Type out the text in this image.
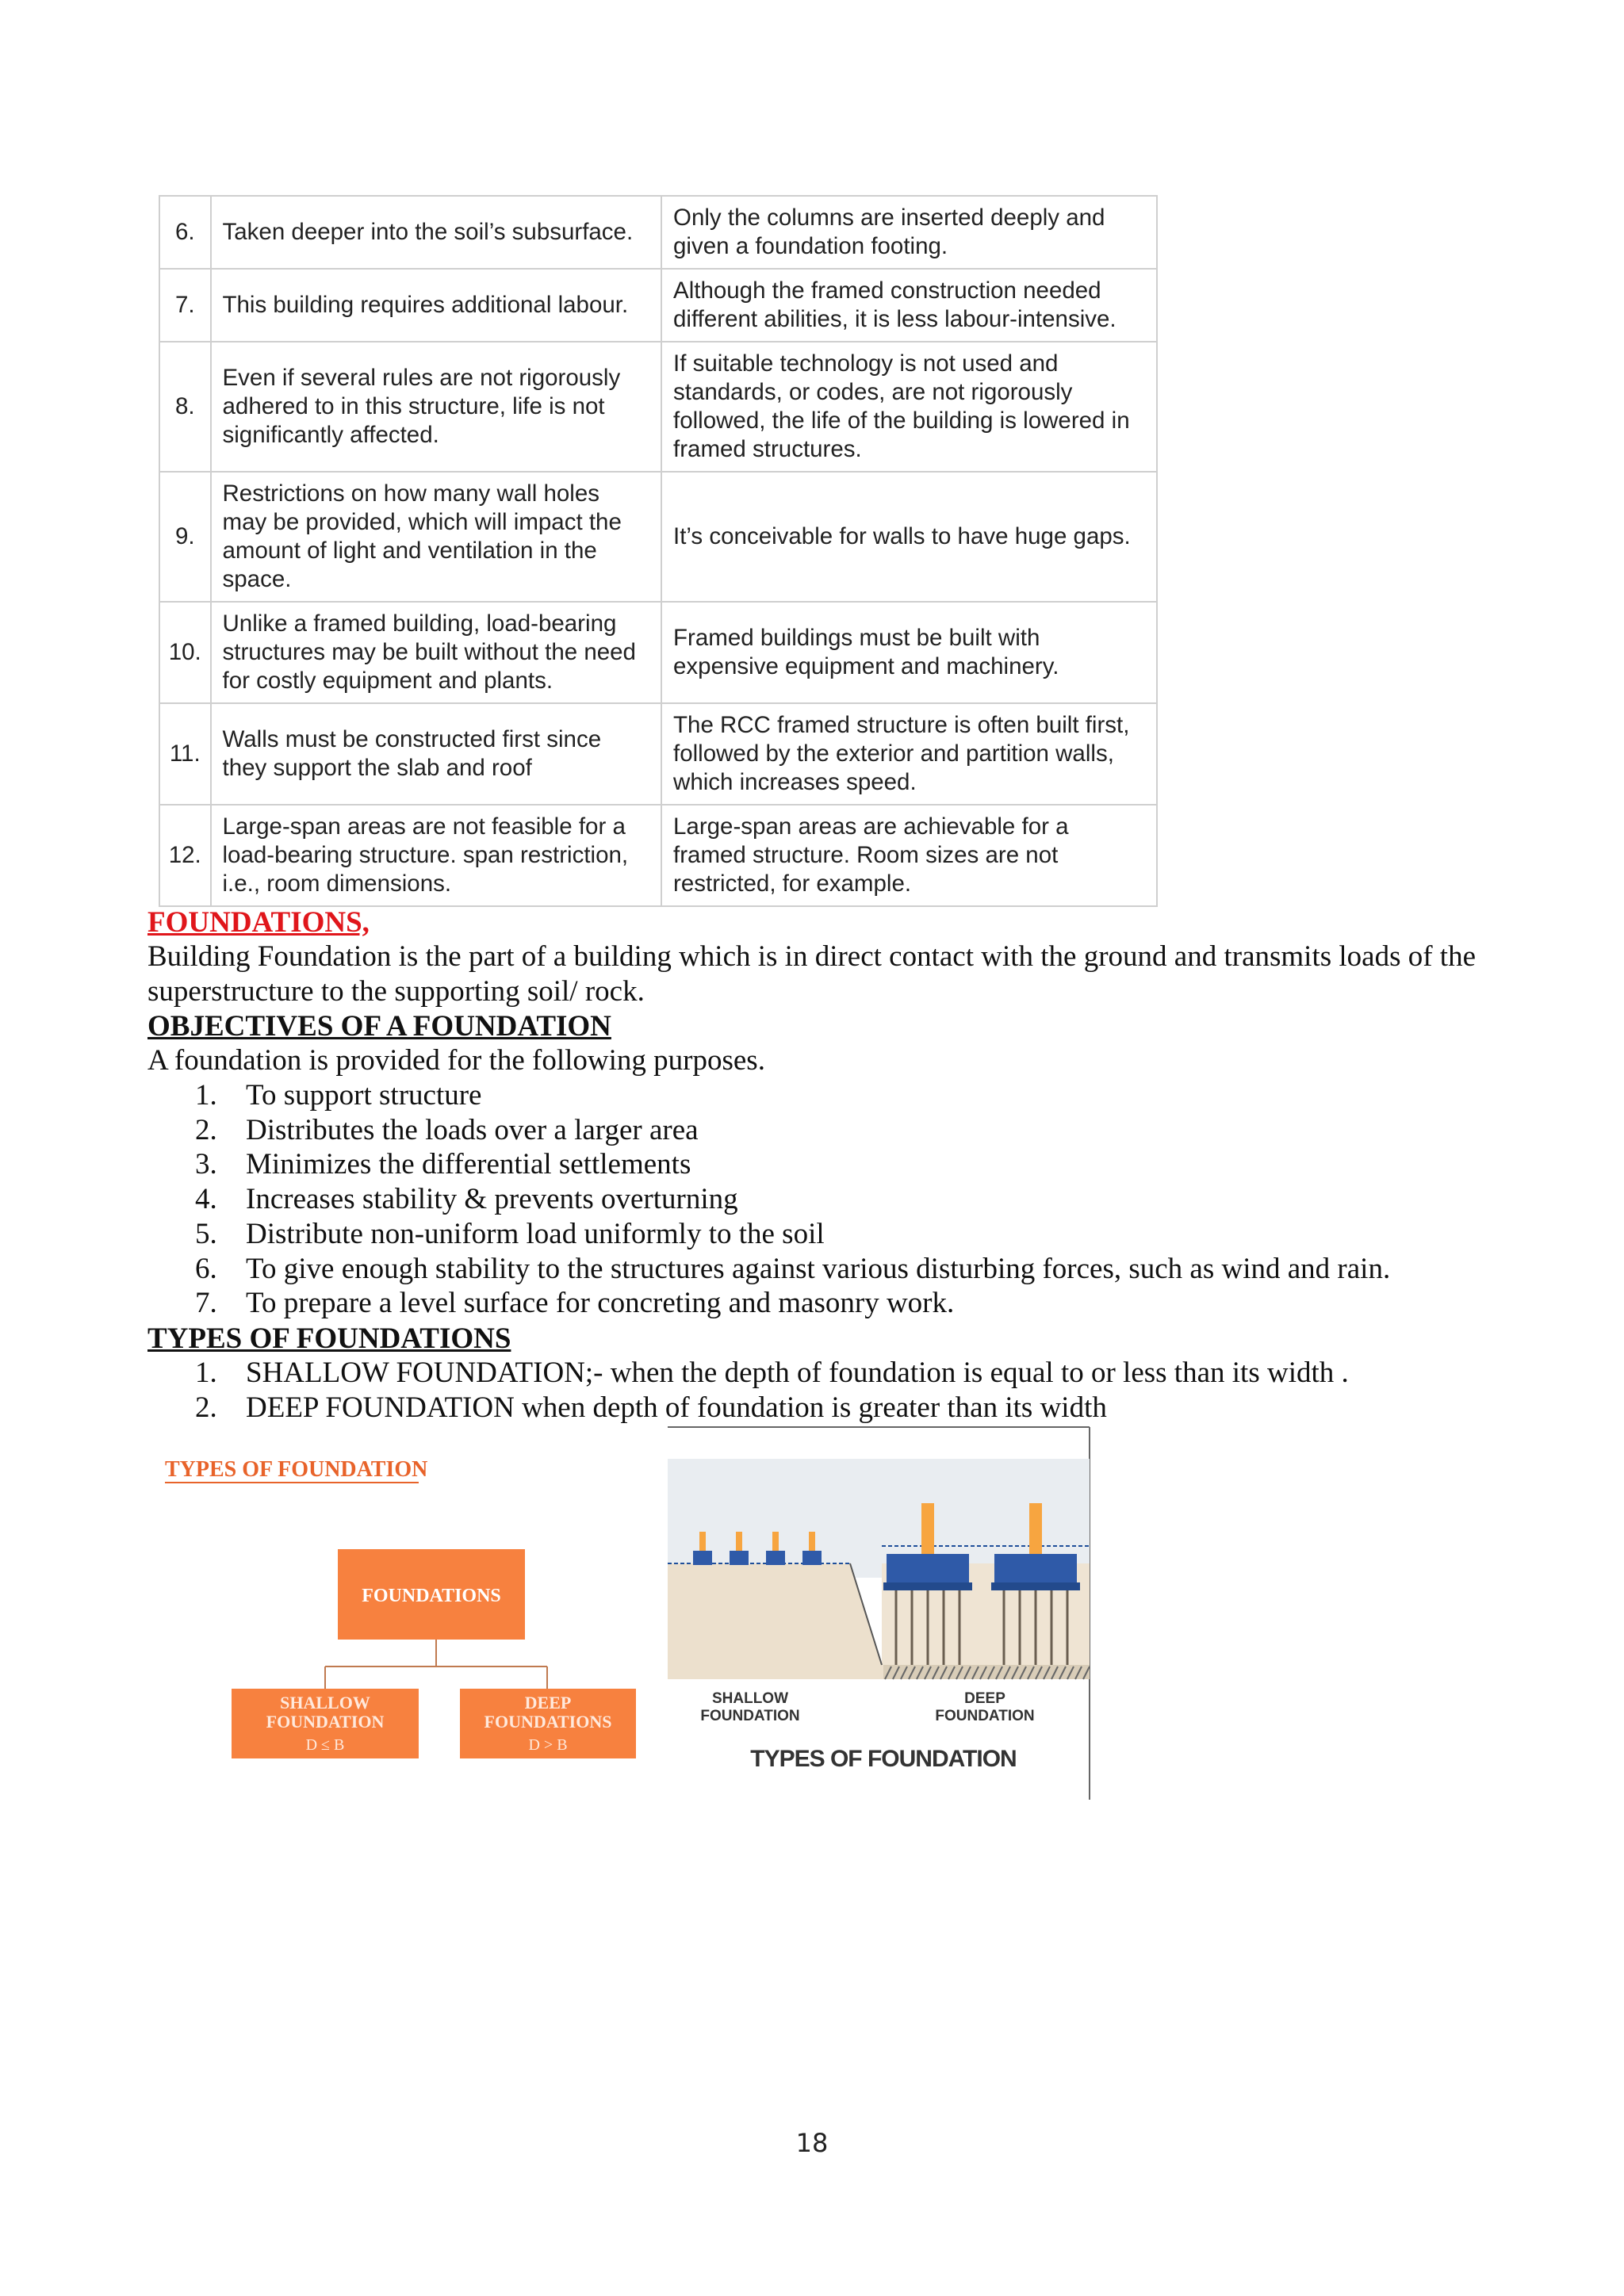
6.	Taken deeper into the soil’s subsurface.	Only the columns are inserted deeply and given a foundation footing.
7.	This building requires additional labour.	Although the framed construction needed different abilities, it is less labour-intensive.
8.	Even if several rules are not rigorously adhered to in this structure, life is not significantly affected.	If suitable technology is not used and standards, or codes, are not rigorously followed, the life of the building is lowered in framed structures.
9.	Restrictions on how many wall holes may be provided, which will impact the amount of light and ventilation in the space.	It’s conceivable for walls to have huge gaps.
10.	Unlike a framed building, load-bearing structures may be built without the need for costly equipment and plants.	Framed buildings must be built with expensive equipment and machinery.
11.	Walls must be constructed first since they support the slab and roof	The RCC framed structure is often built first, followed by the exterior and partition walls, which increases speed.
12.	Large-span areas are not feasible for a load-bearing structure. span restriction, i.e., room dimensions.	Large-span areas are achievable for a framed structure. Room sizes are not restricted, for example.
FOUNDATIONS,
Building Foundation is the part of a building which is in direct contact with the ground and transmits loads of the superstructure to the supporting soil/ rock.
OBJECTIVES OF A FOUNDATION
A foundation is provided for the following purposes.
1. To support structure
2. Distributes the loads over a larger area
3. Minimizes the differential settlements
4. Increases stability & prevents overturning
5. Distribute non-uniform load uniformly to the soil
6. To give enough stability to the structures against various disturbing forces, such as wind and rain.
7. To prepare a level surface for concreting and masonry work.
TYPES OF FOUNDATIONS
1. SHALLOW FOUNDATION;- when the depth of foundation is equal to or less than its width .
2. DEEP FOUNDATION when depth of foundation is greater than its width
TYPES OF FOUNDATION
FOUNDATIONS
SHALLOW
FOUNDATION
D ≤ B
DEEP
FOUNDATIONS
D > B
SHALLOW
FOUNDATION
DEEP
FOUNDATION
TYPES OF FOUNDATION
18
